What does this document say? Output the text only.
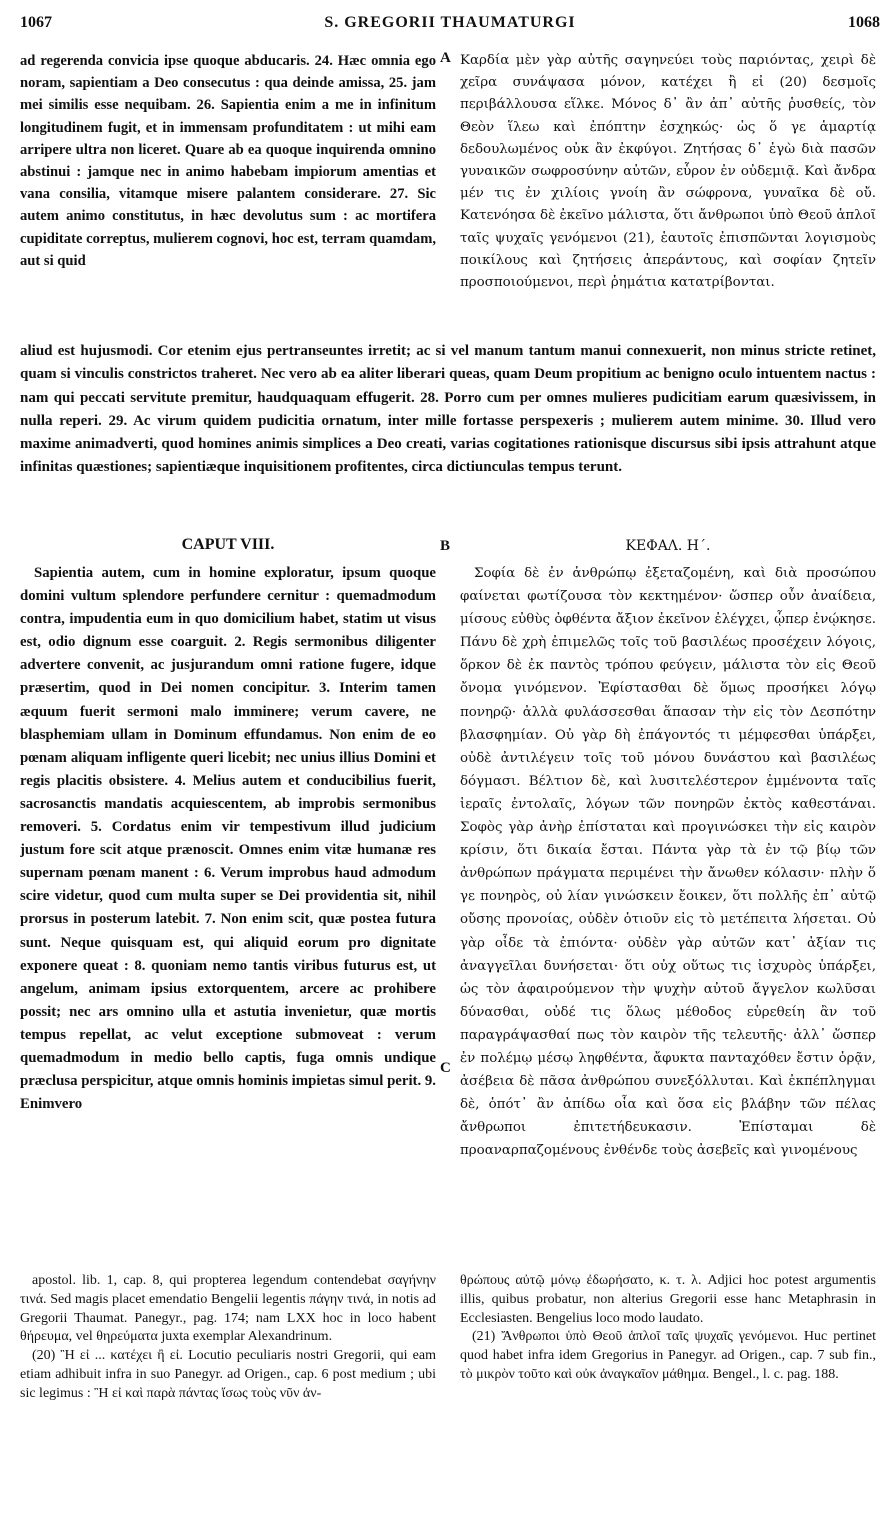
1067	S. GREGORII THAUMATURGI	1068

ad regerenda convicia ipse quoque abducaris. 24. Hæc omnia ego noram, sapientiam a Deo consecutus : qua deinde amissa, 25. jam mei similis esse nequibam. 26. Sapientia enim a me in infinitum longitudinem fugit, et in immensam profunditatem : ut mihi eam arripere ultra non liceret. Quare ab ea quoque inquirenda omnino abstinui : jamque nec in animo habebam impiorum amentias et vana consilia, vitamque misere palantem considerare. 27. Sic autem animo constitutus, in hæc devolutus sum : ac mortifera cupiditate correptus, mulierem cognovi, hoc est, terram quamdam, aut si quid

A Καρδία μὲν γὰρ αὐτῆς σαγηνεύει τοὺς παριόντας, χειρὶ δὲ χεῖρα συνάψασα μόνον, κατέχει ἢ εἰ (20) δεσμοῖς περιβάλλουσα εἵλκε. Μόνος δ᾽ ἂν ἀπ᾽ αὐτῆς ῥυσθείς, τὸν Θεὸν ἵλεω καὶ ἐπόπτην ἐσχηκώς· ὡς ὅ γε ἁμαρτίᾳ δεδουλωμένος οὐκ ἂν ἐκφύγοι. Ζητήσας δ᾽ ἐγὼ διὰ πασῶν γυναικῶν σωφροσύνην αὐτῶν, εὗρον ἐν οὐδεμιᾷ. Καὶ ἄνδρα μέν τις ἐν χιλίοις γνοίη ἂν σώφρονα, γυναῖκα δὲ οὔ. Κατενόησα δὲ ἐκεῖνο μάλιστα, ὅτι ἄνθρωποι ὑπὸ Θεοῦ ἁπλοῖ ταῖς ψυχαῖς γενόμενοι (21), ἑαυτοῖς ἐπισπῶνται λογισμοὺς ποικίλους καὶ ζητήσεις ἀπεράντους, καὶ σοφίαν ζητεῖν προσποιούμενοι, περὶ ῥημάτια κατατρίβονται.

aliud est hujusmodi. Cor etenim ejus pertranseuntes irretit; ac si vel manum tantum manui connexuerit, non minus stricte retinet, quam si vinculis constrictos traheret. Nec vero ab ea aliter liberari queas, quam Deum propitium ac benigno oculo intuentem nactus : nam qui peccati servitute premitur, haudquaquam effugerit. 28. Porro cum per omnes mulieres pudicitiam earum quæsivissem, in nulla reperi. 29. Ac virum quidem pudicitia ornatum, inter mille fortasse perspexeris ; mulierem autem minime. 30. Illud vero maxime animadverti, quod homines animis simplices a Deo creati, varias cogitationes rationisque discursus sibi ipsis attrahunt atque infinitas quæstiones; sapientiæque inquisitionem profitentes, circa dictiunculas tempus terunt.

CAPUT VIII.	B	ΚΕΦΑΛ. Η΄.

Sapientia autem, cum in homine exploratur, ipsum quoque domini vultum splendore perfundere cernitur : quemadmodum contra, impudentia eum in quo domicilium habet, statim ut visus est, odio dignum esse coarguit. 2. Regis sermonibus diligenter advertere convenit, ac jusjurandum omni ratione fugere, idque præsertim, quod in Dei nomen concipitur. 3. Interim tamen æquum fuerit sermoni malo imminere; verum cavere, ne blasphemiam ullam in Dominum effundamus. Non enim de eo pœnam aliquam infligente queri licebit; nec unius illius Domini et regis placitis obsistere. 4. Melius autem et conducibilius fuerit, sacrosanctis mandatis acquiescentem, ab improbis sermonibus removeri. 5. Cordatus enim vir tempestivum illud judicium justum fore scit atque prænoscit. Omnes enim vitæ humanæ res supernam pœnam manent : 6. Verum improbus haud admodum scire videtur, quod cum multa super se Dei providentia sit, nihil prorsus in posterum latebit. 7. Non enim scit, quæ postea futura sunt. Neque quisquam est, qui aliquid eorum pro dignitate exponere queat : 8. quoniam nemo tantis viribus futurus est, ut angelum, animam ipsius extorquentem, arcere ac prohibere possit; nec ars omnino ulla et astutia invenietur, quæ mortis tempus repellat, ac velut exceptione submoveat : verum quemadmodum in medio bello captis, fuga omnis undique præclusa perspicitur, atque omnis hominis impietas simul perit. 9. Enimvero

C

Σοφία δὲ ἐν ἀνθρώπῳ ἐξεταζομένη, καὶ διὰ προσώπου φαίνεται φωτίζουσα τὸν κεκτημένον· ὥσπερ οὖν ἀναίδεια, μίσους εὐθὺς ὀφθέντα ἄξιον ἐκεῖνον ἐλέγχει, ᾧπερ ἐνῴκησε. Πάνυ δὲ χρὴ ἐπιμελῶς τοῖς τοῦ βασιλέως προσέχειν λόγοις, ὅρκον δὲ ἐκ παντὸς τρόπου φεύγειν, μάλιστα τὸν εἰς Θεοῦ ὄνομα γινόμενον. Ἐφίστασθαι δὲ ὅμως προσήκει λόγῳ πονηρῷ· ἀλλὰ φυλάσσεσθαι ἅπασαν τὴν εἰς τὸν Δεσπότην βλασφημίαν. Οὐ γὰρ δὴ ἐπάγοντός τι μέμφεσθαι ὑπάρξει, οὐδὲ ἀντιλέγειν τοῖς τοῦ μόνου δυνάστου καὶ βασιλέως δόγμασι. Βέλτιον δὲ, καὶ λυσιτελέστερον ἐμμένοντα ταῖς ἱεραῖς ἐντολαῖς, λόγων τῶν πονηρῶν ἐκτὸς καθεστάναι. Σοφὸς γὰρ ἀνὴρ ἐπίσταται καὶ προγινώσκει τὴν εἰς καιρὸν κρίσιν, ὅτι δικαία ἔσται. Πάντα γὰρ τὰ ἐν τῷ βίῳ τῶν ἀνθρώπων πράγματα περιμένει τὴν ἄνωθεν κόλασιν· πλὴν ὅ γε πονηρὸς, οὐ λίαν γινώσκειν ἔοικεν, ὅτι πολλῆς ἐπ᾽ αὐτῷ οὔσης προνοίας, οὐδὲν ὁτιοῦν εἰς τὸ μετέπειτα λήσεται. Οὐ γὰρ οἶδε τὰ ἐπιόντα· οὐδὲν γὰρ αὐτῶν κατ᾽ ἀξίαν τις ἀναγγεῖλαι δυνήσεται· ὅτι οὐχ οὕτως τις ἰσχυρὸς ὑπάρξει, ὡς τὸν ἀφαιρούμενον τὴν ψυχὴν αὐτοῦ ἄγγελον κωλῦσαι δύνασθαι, οὐδέ τις ὅλως μέθοδος εὑρεθείη ἂν τοῦ παραγράψασθαί πως τὸν καιρὸν τῆς τελευτῆς· ἀλλ᾽ ὥσπερ ἐν πολέμῳ μέσῳ ληφθέντα, ἄφυκτα πανταχόθεν ἔστιν ὁρᾷν, ἀσέβεια δὲ πᾶσα ἀνθρώπου συνεξόλλυται. Καὶ ἐκπέπληγμαι δὲ, ὁπότ᾽ ἂν ἀπίδω οἷα καὶ ὅσα εἰς βλάβην τῶν πέλας ἄνθρωποι ἐπιτετήδευκασιν. Ἐπίσταμαι δὲ προαναρπαζομένους ἐνθένδε τοὺς ἀσεβεῖς καὶ γινομένους

apostol. lib. 1, cap. 8, qui propterea legendum contendebat σαγήνην τινά. Sed magis placet emendatio Bengelii legentis πάγην τινά, in notis ad Gregorii Thaumat. Panegyr., pag. 174; nam LXX hoc in loco habent θήρευμα, vel θηρεύματα juxta exemplar Alexandrinum.

(20) Ἢ εἰ ... κατέχει ἢ εἰ. Locutio peculiaris nostri Gregorii, qui eam etiam adhibuit infra in suo Panegyr. ad Origen., cap. 6 post medium ; ubi sic legimus : Ἢ εἰ καὶ παρὰ πάντας ἴσως τοὺς νῦν ἀν-

θρώπους αὐτῷ μόνῳ ἐδωρήσατο, κ. τ. λ. Adjici hoc potest argumentis illis, quibus probatur, non alterius Gregorii esse hanc Metaphrasin in Ecclesiasten. Bengelius loco modo laudato.

(21) Ἄνθρωποι ὑπὸ Θεοῦ ἁπλοῖ ταῖς ψυχαῖς γενόμενοι. Huc pertinet quod habet infra idem Gregorius in Panegyr. ad Origen., cap. 7 sub fin., τὸ μικρὸν τοῦτο καὶ οὐκ ἀναγκαῖον μάθημα. Bengel., l. c. pag. 188.
